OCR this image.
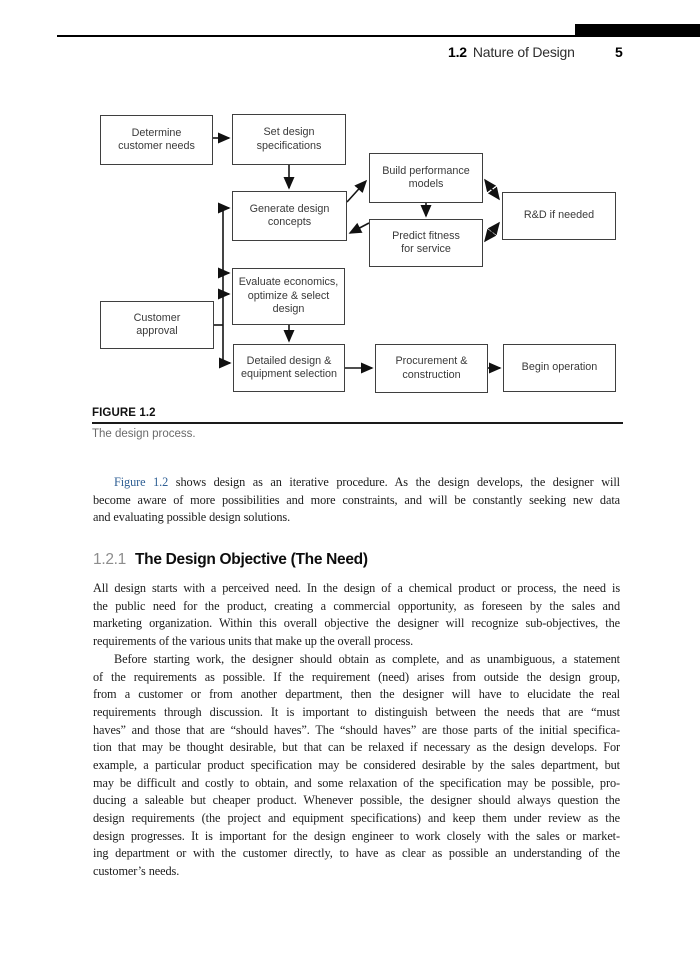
1.2 Nature of Design	5
Determine
customer needs
Set design
specifications
Generate design
concepts
Build performance
models
Predict fitness
for service
R&D if needed
Evaluate economics,
optimize & select
design
Customer
approval
Detailed design &
equipment selection
Procurement &
construction
Begin operation
FIGURE 1.2
The design process.
Figure 1.2 shows design as an iterative procedure. As the design develops, the designer will
become aware of more possibilities and more constraints, and will be constantly seeking new data
and evaluating possible design solutions.
1.2.1 The Design Objective (The Need)
All design starts with a perceived need. In the design of a chemical product or process, the need is
the public need for the product, creating a commercial opportunity, as foreseen by the sales and
marketing organization. Within this overall objective the designer will recognize sub-objectives, the
requirements of the various units that make up the overall process.
Before starting work, the designer should obtain as complete, and as unambiguous, a statement
of the requirements as possible. If the requirement (need) arises from outside the design group,
from a customer or from another department, then the designer will have to elucidate the real
requirements through discussion. It is important to distinguish between the needs that are “must
haves” and those that are “should haves”. The “should haves” are those parts of the initial specifica-
tion that may be thought desirable, but that can be relaxed if necessary as the design develops. For
example, a particular product specification may be considered desirable by the sales department, but
may be difficult and costly to obtain, and some relaxation of the specification may be possible, pro-
ducing a saleable but cheaper product. Whenever possible, the designer should always question the
design requirements (the project and equipment specifications) and keep them under review as the
design progresses. It is important for the design engineer to work closely with the sales or market-
ing department or with the customer directly, to have as clear as possible an understanding of the
customer’s needs.
